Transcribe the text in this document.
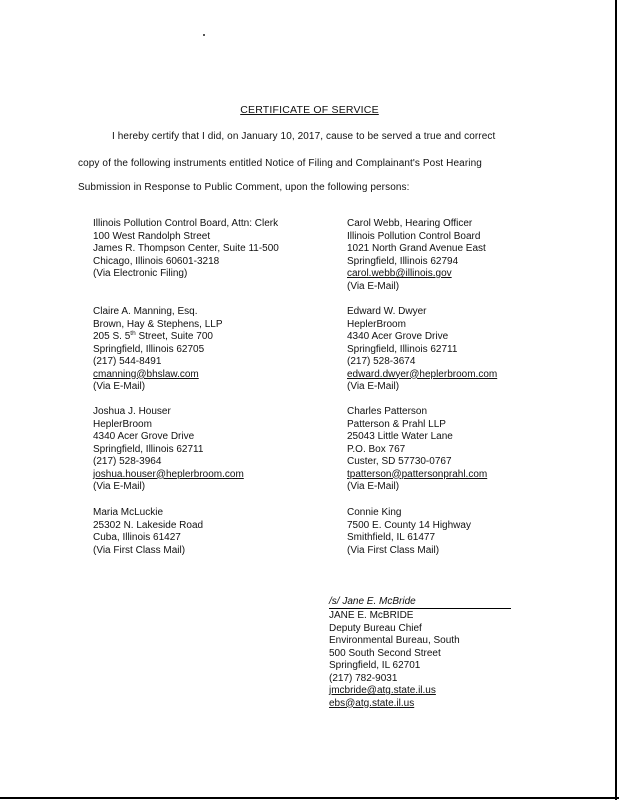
CERTIFICATE OF SERVICE
I hereby certify that I did, on January 10, 2017, cause to be served a true and correct
copy of the following instruments entitled Notice of Filing and Complainant's Post Hearing
Submission in Response to Public Comment, upon the following persons:
Illinois Pollution Control Board, Attn: Clerk
100 West Randolph Street
James R. Thompson Center, Suite 11-500
Chicago, Illinois 60601-3218
(Via Electronic Filing)
Carol Webb, Hearing Officer
Illinois Pollution Control Board
1021 North Grand Avenue East
Springfield, Illinois 62794
carol.webb@illinois.gov
(Via E-Mail)
Claire A. Manning, Esq.
Brown, Hay & Stephens, LLP
205 S. 5th Street, Suite 700
Springfield, Illinois 62705
(217) 544-8491
cmanning@bhslaw.com
(Via E-Mail)
Edward W. Dwyer
HeplerBroom
4340 Acer Grove Drive
Springfield, Illinois 62711
(217) 528-3674
edward.dwyer@heplerbroom.com
(Via E-Mail)
Joshua J. Houser
HeplerBroom
4340 Acer Grove Drive
Springfield, Illinois 62711
(217) 528-3964
joshua.houser@heplerbroom.com
(Via E-Mail)
Charles Patterson
Patterson & Prahl LLP
25043 Little Water Lane
P.O. Box 767
Custer, SD 57730-0767
tpatterson@pattersonprahl.com
(Via E-Mail)
Maria McLuckie
25302 N. Lakeside Road
Cuba, Illinois 61427
(Via First Class Mail)
Connie King
7500 E. County 14 Highway
Smithfield, IL 61477
(Via First Class Mail)
/s/ Jane E. McBride
JANE E. McBRIDE
Deputy Bureau Chief
Environmental Bureau, South
500 South Second Street
Springfield, IL 62701
(217) 782-9031
jmcbride@atg.state.il.us
ebs@atg.state.il.us
